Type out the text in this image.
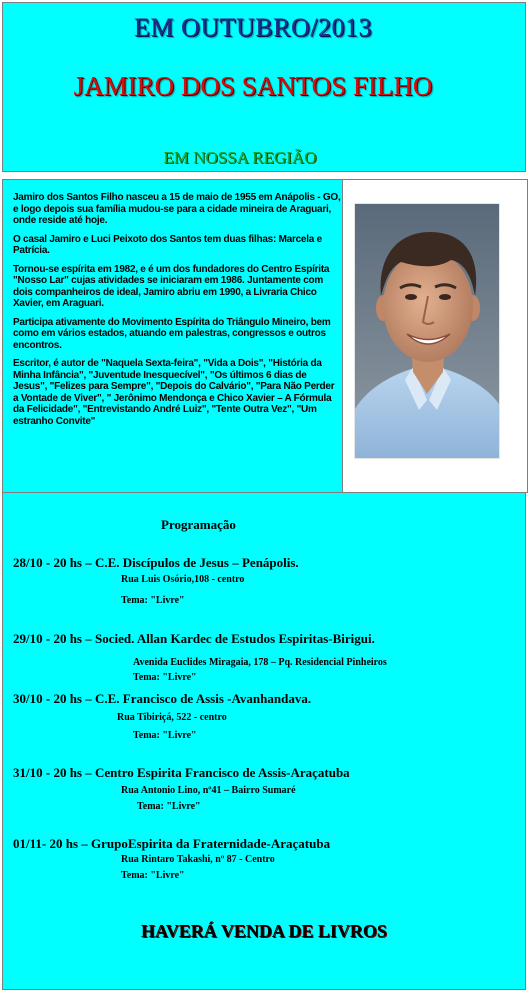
EM OUTUBRO/2013
JAMIRO DOS SANTOS FILHO
EM NOSSA REGIÃO

Jamiro dos Santos Filho nasceu a 15 de maio de 1955 em Anápolis - GO, e logo depois sua família mudou-se para a cidade mineira de Araguari, onde reside até hoje.

O casal Jamiro e Luci Peixoto dos Santos tem duas filhas: Marcela e Patrícia.

Tornou-se espírita em 1982, e é um dos fundadores do Centro Espírita "Nosso Lar" cujas atividades se iniciaram em 1986. Juntamente com dois companheiros de ideal, Jamiro abriu em 1990, a Livraria Chico Xavier, em Araguari.

Participa ativamente do Movimento Espírita do Triângulo Mineiro, bem como em vários estados, atuando em palestras, congressos e outros encontros.

Escritor, é autor de "Naquela Sexta-feira", "Vida a Dois", "História da Minha Infância", "Juventude Inesquecível", "Os últimos 6 dias de Jesus", "Felizes para Sempre", "Depois do Calvário", "Para Não Perder a Vontade de Viver", " Jerônimo Mendonça e Chico Xavier – A Fórmula da Felicidade", "Entrevistando André Luiz", "Tente Outra Vez", "Um estranho Convite"

Programação
28/10 - 20 hs – C.E. Discípulos de Jesus – Penápolis.
Rua Luis Osório,108 - centro
Tema: "Livre"
29/10 - 20 hs – Socied. Allan Kardec de Estudos Espiritas-Birigui.
Avenida Euclides Miragaia, 178 – Pq. Residencial Pinheiros
Tema: "Livre"
30/10 - 20 hs – C.E. Francisco de Assis -Avanhandava.
Rua Tibiriçá, 522 - centro
Tema: "Livre"
31/10 - 20 hs – Centro Espirita Francisco de Assis-Araçatuba
Rua Antonio Lino, nº41 – Bairro Sumaré
Tema: "Livre"
01/11- 20 hs – GrupoEspirita da Fraternidade-Araçatuba
Rua Rintaro Takashi, nº 87 - Centro
Tema: "Livre"
HAVERÁ VENDA DE LIVROS
